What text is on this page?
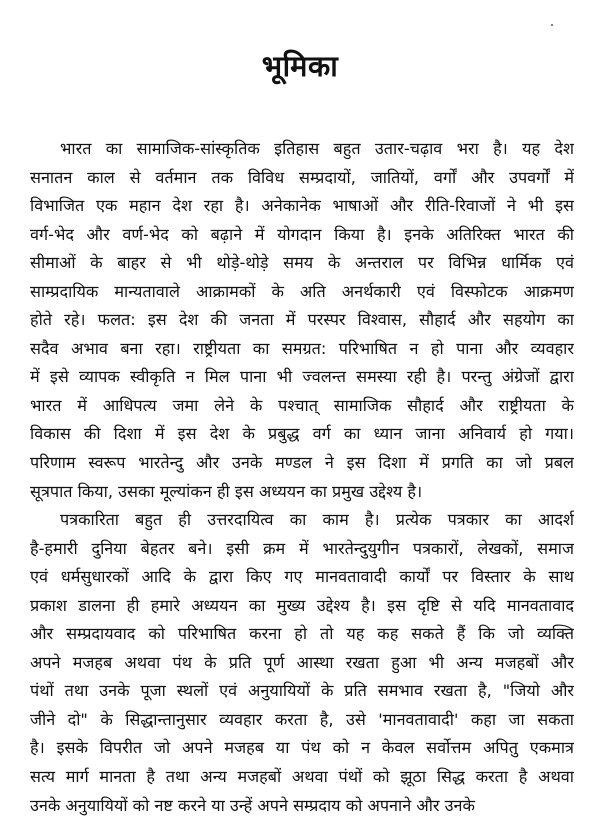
भूमिका
भारत का सामाजिक-सांस्कृतिक इतिहास बहुत उतार-चढ़ाव भरा है। यह देश
सनातन काल से वर्तमान तक विविध सम्प्रदायों, जातियों, वर्गों और उपवर्गों में
विभाजित एक महान देश रहा है। अनेकानेक भाषाओं और रीति-रिवाजों ने भी इस
वर्ग-भेद और वर्ण-भेद को बढ़ाने में योगदान किया है। इनके अतिरिक्त भारत की
सीमाओं के बाहर से भी थोड़े-थोड़े समय के अन्तराल पर विभिन्न धार्मिक एवं
साम्प्रदायिक मान्यतावाले आक्रामकों के अति अनर्थकारी एवं विस्फोटक आक्रमण
होते रहे। फलत: इस देश की जनता में परस्पर विश्वास, सौहार्द और सहयोग का
सदैव अभाव बना रहा। राष्ट्रीयता का समग्रत: परिभाषित न हो पाना और व्यवहार
में इसे व्यापक स्वीकृति न मिल पाना भी ज्वलन्त समस्या रही है। परन्तु अंग्रेजों द्वारा
भारत में आधिपत्य जमा लेने के पश्चात् सामाजिक सौहार्द और राष्ट्रीयता के
विकास की दिशा में इस देश के प्रबुद्ध वर्ग का ध्यान जाना अनिवार्य हो गया।
परिणाम स्वरूप भारतेन्दु और उनके मण्डल ने इस दिशा में प्रगति का जो प्रबल
सूत्रपात किया, उसका मूल्यांकन ही इस अध्ययन का प्रमुख उद्देश्य है।
पत्रकारिता बहुत ही उत्तरदायित्व का काम है। प्रत्येक पत्रकार का आदर्श
है-हमारी दुनिया बेहतर बने। इसी क्रम में भारतेन्दुयुगीन पत्रकारों, लेखकों, समाज
एवं धर्मसुधारकों आदि के द्वारा किए गए मानवतावादी कार्यों पर विस्तार के साथ
प्रकाश डालना ही हमारे अध्ययन का मुख्य उद्देश्य है। इस दृष्टि से यदि मानवतावाद
और सम्प्रदायवाद को परिभाषित करना हो तो यह कह सकते हैं कि जो व्यक्ति
अपने मजहब अथवा पंथ के प्रति पूर्ण आस्था रखता हुआ भी अन्य मजहबों और
पंथों तथा उनके पूजा स्थलों एवं अनुयायियों के प्रति समभाव रखता है, "जियो और
जीने दो" के सिद्धान्तानुसार व्यवहार करता है, उसे 'मानवतावादी' कहा जा सकता
है। इसके विपरीत जो अपने मजहब या पंथ को न केवल सर्वोत्तम अपितु एकमात्र
सत्य मार्ग मानता है तथा अन्य मजहबों अथवा पंथों को झूठा सिद्ध करता है अथवा
उनके अनुयायियों को नष्ट करने या उन्हें अपने सम्प्रदाय को अपनाने और उनके
